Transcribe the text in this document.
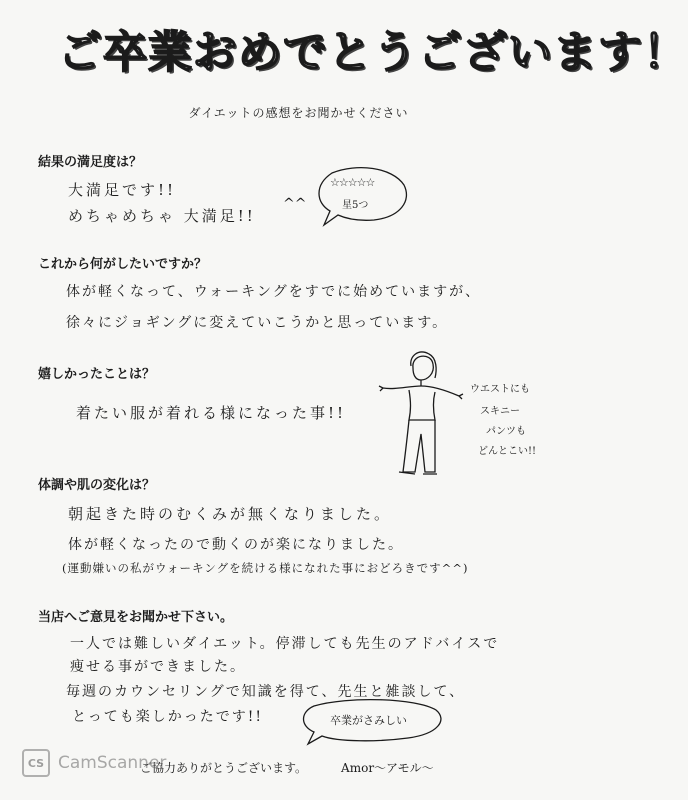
ご卒業おめでとうございます！
ダイエットの感想をお聞かせください
結果の満足度は？
大満足です!!
めちゃめちゃ 大満足!!
^^
☆☆☆☆☆
星5つ
これから何がしたいですか？
体が軽くなって、ウォーキングをすでに始めていますが、
徐々にジョギングに変えていこうかと思っています。
嬉しかったことは？
着たい服が着れる様になった事!!
ウエストにも
スキニー
パンツも
どんとこい!!
体調や肌の変化は？
朝起きた時のむくみが無くなりました。
体が軽くなったので動くのが楽になりました。
(運動嫌いの私がウォーキングを続ける様になれた事におどろきです^^)
当店へご意見をお聞かせ下さい。
一人では難しいダイエット。停滞しても先生のアドバイスで
痩せる事ができました。
毎週のカウンセリングで知識を得て、先生と雑談して、
とっても楽しかったです!!	卒業がさみしい
ご協力ありがとうございます。	Amor〜アモル〜
CS CamScanner
